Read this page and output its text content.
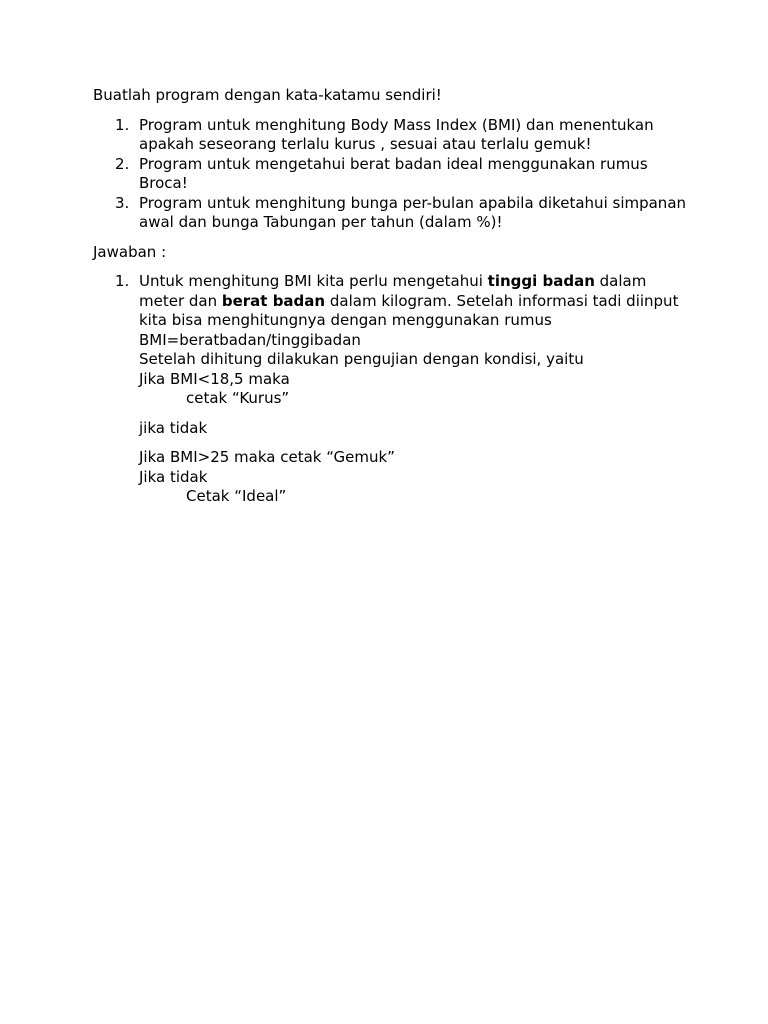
Buatlah program dengan kata-katamu sendiri!

1. Program untuk menghitung Body Mass Index (BMI) dan menentukan apakah seseorang terlalu kurus , sesuai atau terlalu gemuk!
2. Program untuk mengetahui berat badan ideal menggunakan rumus Broca!
3. Program untuk menghitung bunga per-bulan apabila diketahui simpanan awal dan bunga Tabungan per tahun (dalam %)!

Jawaban :

1. Untuk menghitung BMI kita perlu mengetahui tinggi badan dalam meter dan berat badan dalam kilogram. Setelah informasi tadi diinput kita bisa menghitungnya dengan menggunakan rumus BMI=beratbadan/tinggibadan
Setelah dihitung dilakukan pengujian dengan kondisi, yaitu
Jika BMI<18,5 maka
cetak “Kurus”
jika tidak
Jika BMI>25 maka cetak “Gemuk”
Jika tidak
Cetak “Ideal”
